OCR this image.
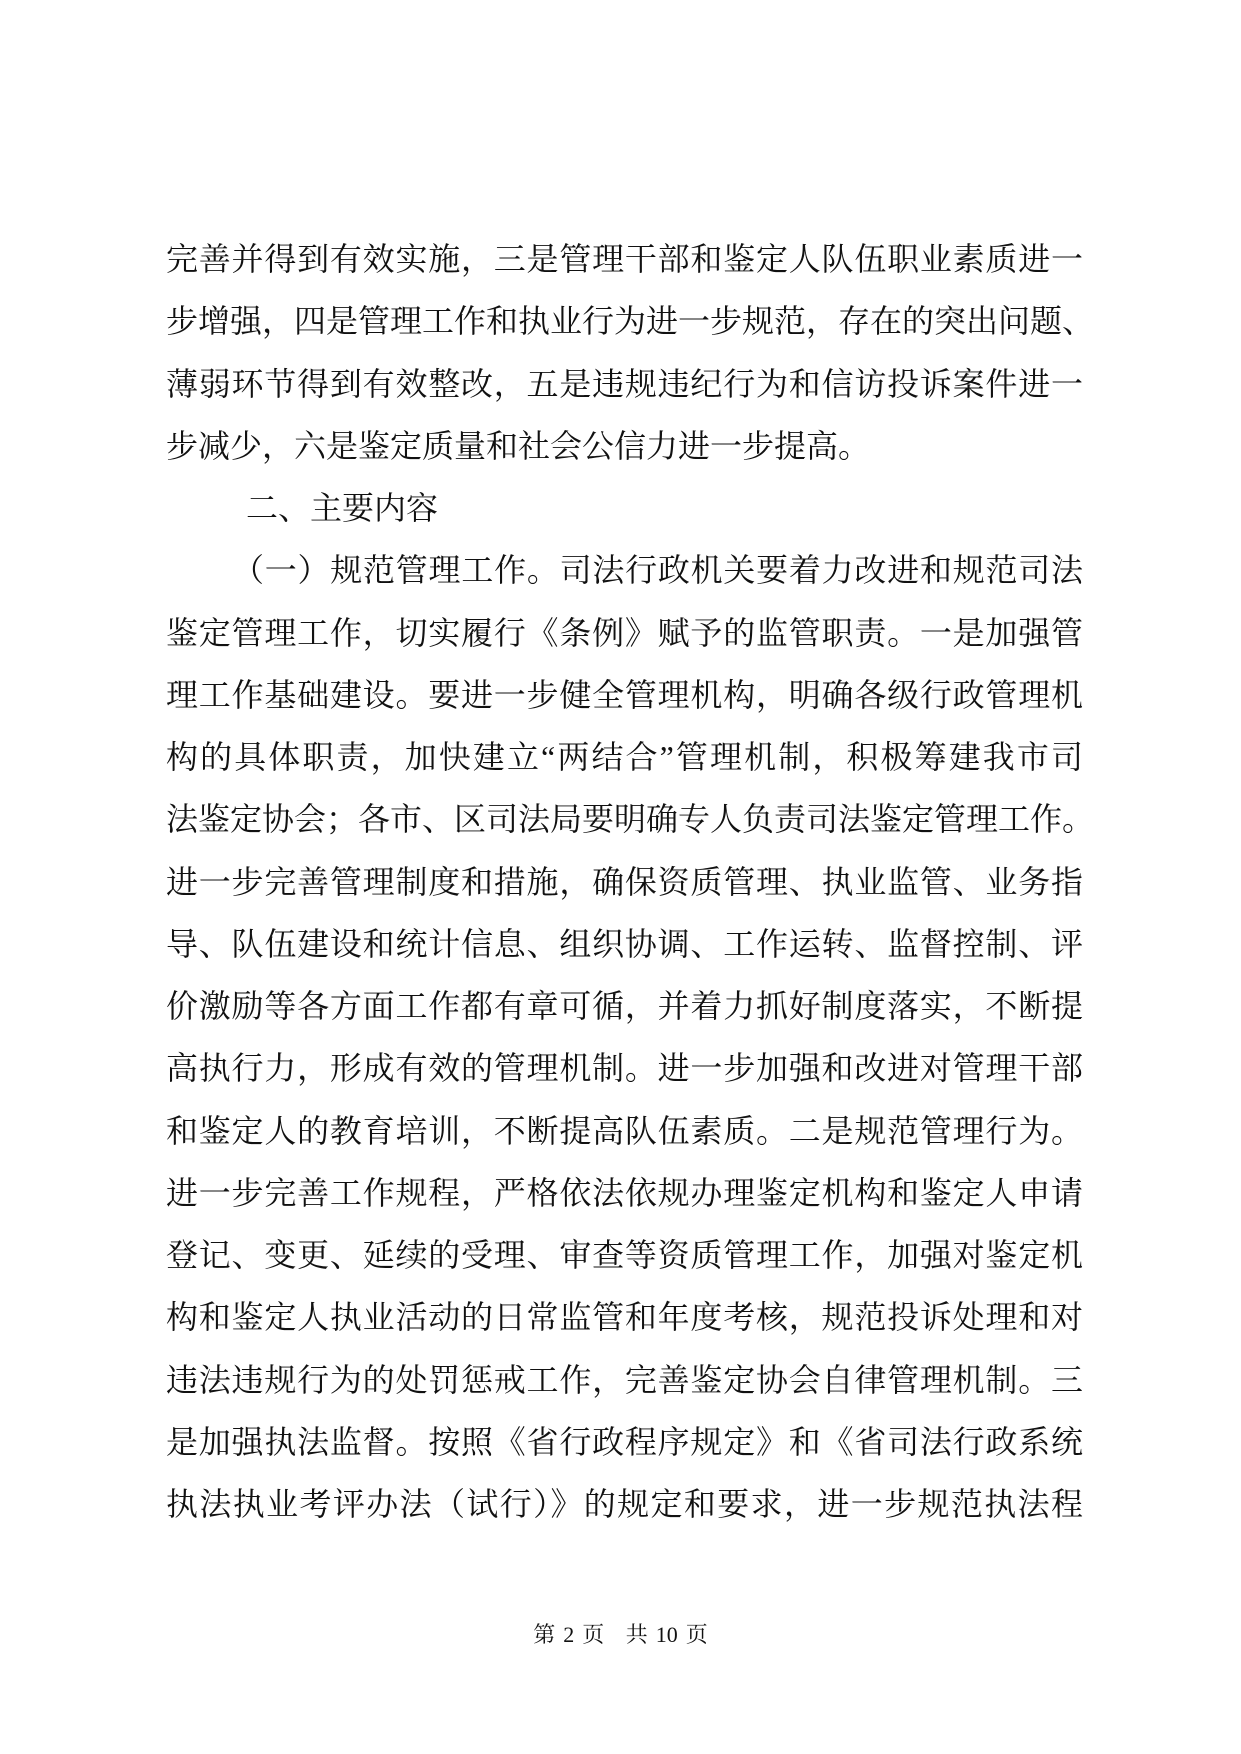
完善并得到有效实施，三是管理干部和鉴定人队伍职业素质进一
步增强，四是管理工作和执业行为进一步规范，存在的突出问题、
薄弱环节得到有效整改，五是违规违纪行为和信访投诉案件进一
步减少，六是鉴定质量和社会公信力进一步提高。
二、主要内容
（一）规范管理工作。司法行政机关要着力改进和规范司法
鉴定管理工作，切实履行《条例》赋予的监管职责。一是加强管
理工作基础建设。要进一步健全管理机构，明确各级行政管理机
构的具体职责，加快建立“两结合”管理机制，积极筹建我市司
法鉴定协会；各市、区司法局要明确专人负责司法鉴定管理工作。
进一步完善管理制度和措施，确保资质管理、执业监管、业务指
导、队伍建设和统计信息、组织协调、工作运转、监督控制、评
价激励等各方面工作都有章可循，并着力抓好制度落实，不断提
高执行力，形成有效的管理机制。进一步加强和改进对管理干部
和鉴定人的教育培训，不断提高队伍素质。二是规范管理行为。
进一步完善工作规程，严格依法依规办理鉴定机构和鉴定人申请
登记、变更、延续的受理、审查等资质管理工作，加强对鉴定机
构和鉴定人执业活动的日常监管和年度考核，规范投诉处理和对
违法违规行为的处罚惩戒工作，完善鉴定协会自律管理机制。三
是加强执法监督。按照《省行政程序规定》和《省司法行政系统
执法执业考评办法（试行）》的规定和要求，进一步规范执法程
第 2 页 共 10 页
